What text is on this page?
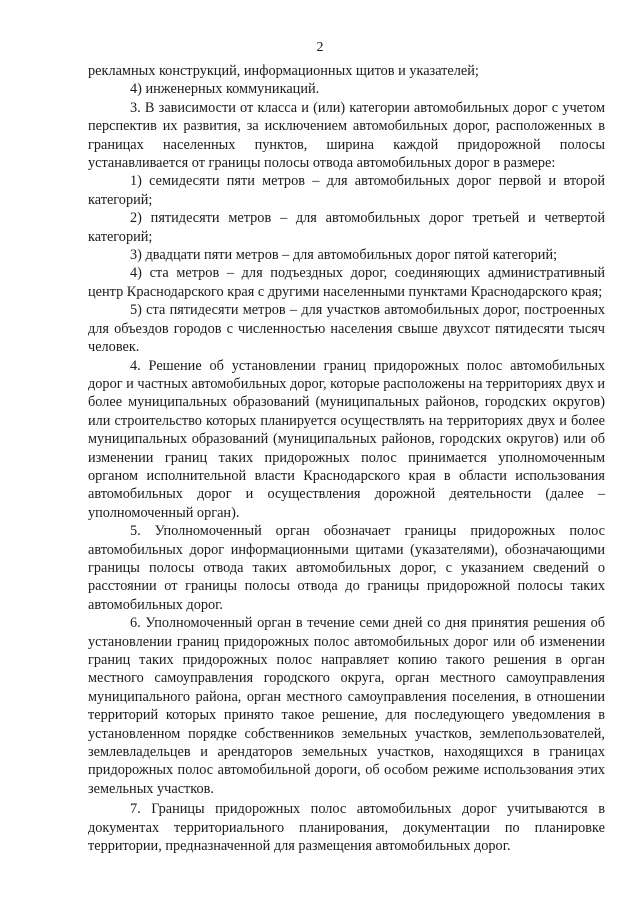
2

рекламных конструкций, информационных щитов и указателей;

4) инженерных коммуникаций.

3. В зависимости от класса и (или) категории автомобильных дорог с учетом перспектив их развития, за исключением автомобильных дорог, расположенных в границах населенных пунктов, ширина каждой придорожной полосы устанавливается от границы полосы отвода автомобильных дорог в размере:

1) семидесяти пяти метров – для автомобильных дорог первой и второй категорий;

2) пятидесяти метров – для автомобильных дорог третьей и четвертой категорий;

3) двадцати пяти метров – для автомобильных дорог пятой категорий;

4) ста метров – для подъездных дорог, соединяющих административный центр Краснодарского края с другими населенными пунктами Краснодарского края;

5) ста пятидесяти метров – для участков автомобильных дорог, построенных для объездов городов с численностью населения свыше двухсот пятидесяти тысяч человек.

4. Решение об установлении границ придорожных полос автомобильных дорог и частных автомобильных дорог, которые расположены на территориях двух и более муниципальных образований (муниципальных районов, городских округов) или строительство которых планируется осуществлять на территориях двух и более муниципальных образований (муниципальных районов, городских округов) или об изменении границ таких придорожных полос принимается уполномоченным органом исполнительной власти Краснодарского края в области использования автомобильных дорог и осуществления дорожной деятельности (далее – уполномоченный орган).

5. Уполномоченный орган обозначает границы придорожных полос автомобильных дорог информационными щитами (указателями), обозначающими границы полосы отвода таких автомобильных дорог, с указанием сведений о расстоянии от границы полосы отвода до границы придорожной полосы таких автомобильных дорог.

6. Уполномоченный орган в течение семи дней со дня принятия решения об установлении границ придорожных полос автомобильных дорог или об изменении границ таких придорожных полос направляет копию такого решения в орган местного самоуправления городского округа, орган местного самоуправления муниципального района, орган местного самоуправления поселения, в отношении территорий которых принято такое решение, для последующего уведомления в установленном порядке собственников земельных участков, землепользователей, землевладельцев и арендаторов земельных участков, находящихся в границах придорожных полос автомобильной дороги, об особом режиме использования этих земельных участков.

7. Границы придорожных полос автомобильных дорог учитываются в документах территориального планирования, документации по планировке территории, предназначенной для размещения автомобильных дорог.
